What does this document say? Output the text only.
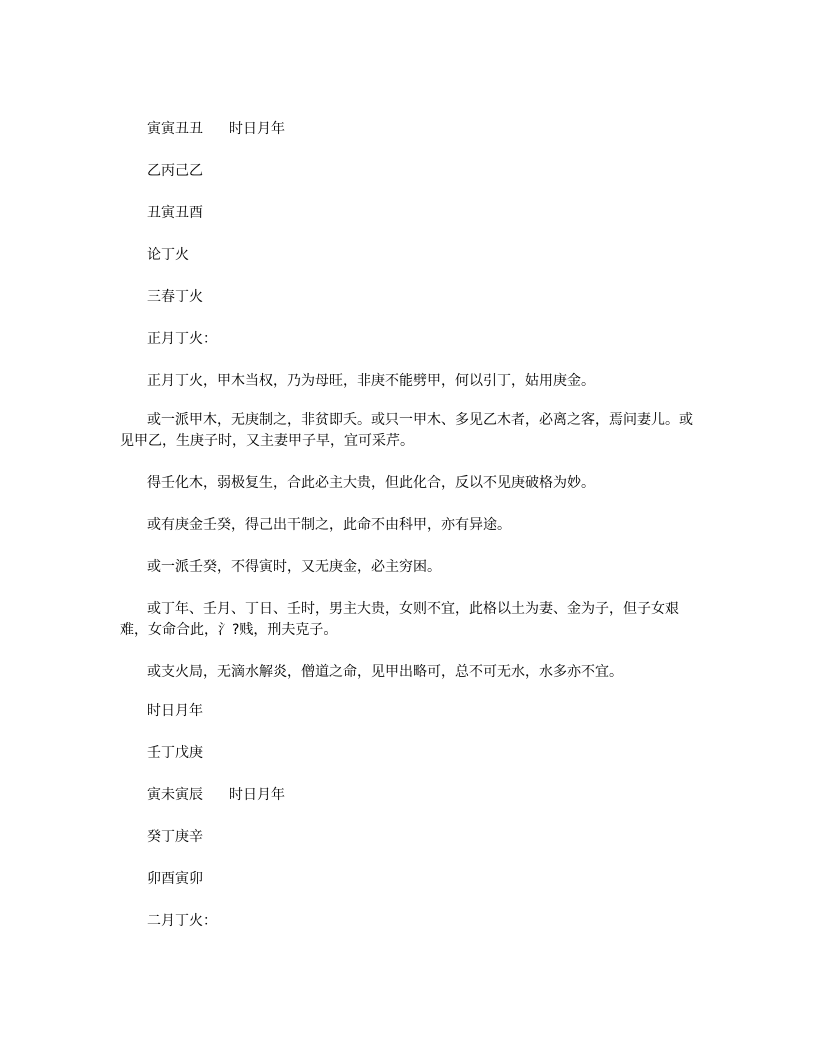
寅寅丑丑 时日月年

乙丙己乙

丑寅丑酉

论丁火

三春丁火

正月丁火：

正月丁火，甲木当权，乃为母旺，非庚不能劈甲，何以引丁，姑用庚金。

或一派甲木，无庚制之，非贫即夭。或只一甲木、多见乙木者，必离之客，焉问妻儿。或见甲乙，生庚子时，又主妻甲子早，宜可采芹。

得壬化木，弱极复生，合此必主大贵，但此化合，反以不见庚破格为妙。

或有庚金壬癸，得己出干制之，此命不由科甲，亦有异途。

或一派壬癸，不得寅时，又无庚金，必主穷困。

或丁年、壬月、丁日、壬时，男主大贵，女则不宜，此格以土为妻、金为子，但子女艰难，女命合此，氵?贱，刑夫克子。

或支火局，无滴水解炎，僧道之命，见甲出略可，总不可无水，水多亦不宜。

时日月年

壬丁戊庚

寅未寅辰 时日月年

癸丁庚辛

卯酉寅卯

二月丁火：
